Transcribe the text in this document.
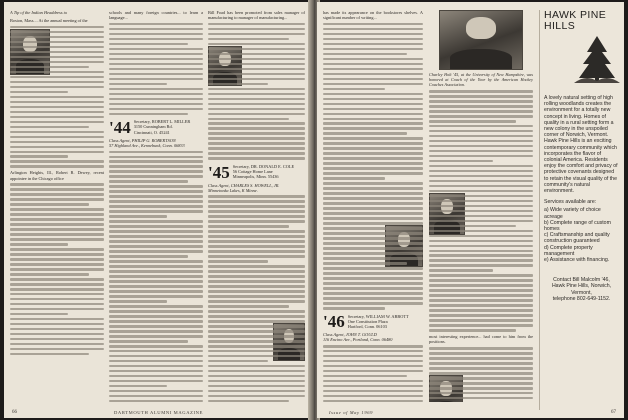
A Tip of the Indian Headdress to

Boston, Mass.... At the annual meeting of the

Arlington Heights, Ill., Robert R. Dewey, recent appointee in the Chicago office

schools and many foreign countries... to learn a language...

'44 Secretary, ROBERT L. MILLER
3150 Cunningham Rd.
Cincinnati, O. 45241
Class Agent, PHILIP G. ROBERTSON
57 Highland Ave., Kennebunk, Conn. 06833

Bill Foad has been promoted from sales manager of manufacturing to manager of manufacturing...

'45 Secretary, DR. DONALD E. COLE
56 Cottage Home Lane
Minneapolis, Minn. 55436
Class Agent, CHARLES S. HOWELL, JR.
Minnetonka Lakes, K Minne.
66	DARTMOUTH ALUMNI MAGAZINE

has made its appearance on the bookstores shelves. A significant number of writing...

'46 Secretary, WILLIAM W. ABBOTT
One Constitution Plaza
Hartford, Conn. 06103
Class Agent, JOHN T. GOULD
116 Encino Ave., Portland, Conn. 06480
Charley Holt '45, at the University of New Hampshire, was honored at Coach of the Year by the American Hockey Coaches Association.

most interesting experience... had come to him from the positions.

HAWK PINE HILLS

A lovely natural setting of high rolling woodlands creates the environment for a totally new concept in living. Homes of quality in a rural setting form a new colony in the unspoiled corner of Norwich, Vermont. Hawk Pine Hills is an exciting contemporary community which incorporates the flavor of colonial America. Residents enjoy the comfort and privacy of protective covenants designed to retain the visual quality of the community's natural environment.

Services available are:

a) Wide variety of choice acreage
b) Complete range of custom homes
c) Craftsmanship and quality construction guaranteed
d) Complete property management
e) Assistance with financing.
Contact Bill Malcolm '46,
Hawk Pine Hills, Norwich, Vermont,
telephone 802-649-1152.
Issue of May 1969	67
